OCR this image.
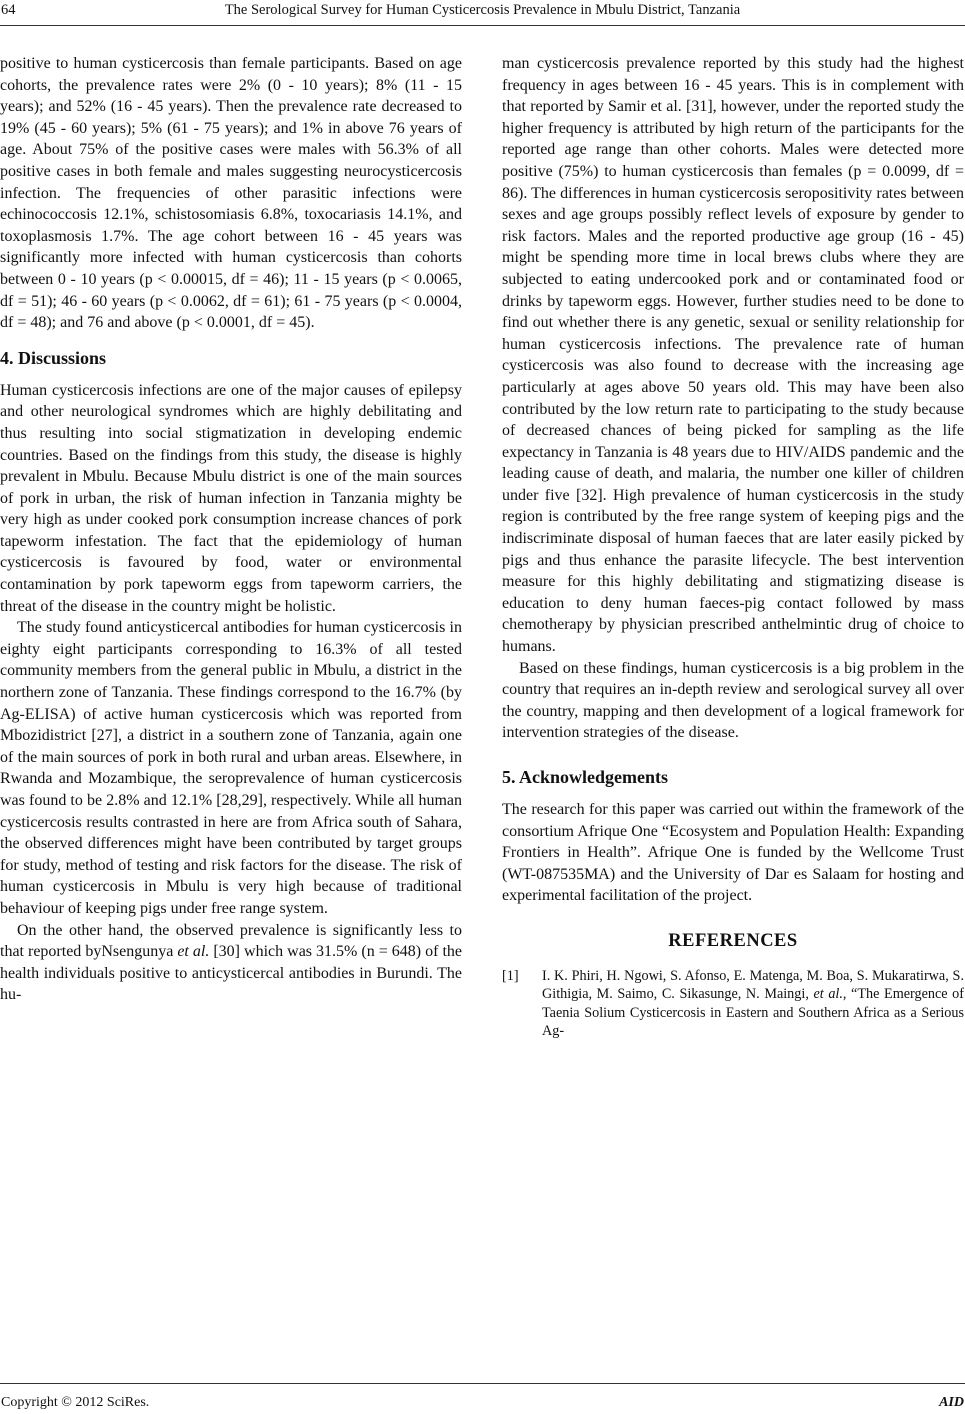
64	The Serological Survey for Human Cysticercosis Prevalence in Mbulu District, Tanzania

positive to human cysticercosis than female participants. Based on age cohorts, the prevalence rates were 2% (0 - 10 years); 8% (11 - 15 years); and 52% (16 - 45 years). Then the prevalence rate decreased to 19% (45 - 60 years); 5% (61 - 75 years); and 1% in above 76 years of age. About 75% of the positive cases were males with 56.3% of all positive cases in both female and males suggesting neurocysticercosis infection. The frequencies of other parasitic infections were echinococcosis 12.1%, schistosomiasis 6.8%, toxocariasis 14.1%, and toxoplasmosis 1.7%. The age cohort between 16 - 45 years was significantly more infected with human cysticercosis than cohorts between 0 - 10 years (p < 0.00015, df = 46); 11 - 15 years (p < 0.0065, df = 51); 46 - 60 years (p < 0.0062, df = 61); 61 - 75 years (p < 0.0004, df = 48); and 76 and above (p < 0.0001, df = 45).

4. Discussions

Human cysticercosis infections are one of the major causes of epilepsy and other neurological syndromes which are highly debilitating and thus resulting into social stigmatization in developing endemic countries. Based on the findings from this study, the disease is highly prevalent in Mbulu. Because Mbulu district is one of the main sources of pork in urban, the risk of human infection in Tanzania mighty be very high as under cooked pork consumption increase chances of pork tapeworm infestation. The fact that the epidemiology of human cysticercosis is favoured by food, water or environmental contamination by pork tapeworm eggs from tapeworm carriers, the threat of the disease in the country might be holistic.

The study found anticysticercal antibodies for human cysticercosis in eighty eight participants corresponding to 16.3% of all tested community members from the general public in Mbulu, a district in the northern zone of Tanzania. These findings correspond to the 16.7% (by Ag-ELISA) of active human cysticercosis which was reported from Mbozidistrict [27], a district in a southern zone of Tanzania, again one of the main sources of pork in both rural and urban areas. Elsewhere, in Rwanda and Mozambique, the seroprevalence of human cysticercosis was found to be 2.8% and 12.1% [28,29], respectively. While all human cysticercosis results contrasted in here are from Africa south of Sahara, the observed differences might have been contributed by target groups for study, method of testing and risk factors for the disease. The risk of human cysticercosis in Mbulu is very high because of traditional behaviour of keeping pigs under free range system.

On the other hand, the observed prevalence is significantly less to that reported byNsengunya et al. [30] which was 31.5% (n = 648) of the health individuals positive to anticysticercal antibodies in Burundi. The hu-

man cysticercosis prevalence reported by this study had the highest frequency in ages between 16 - 45 years. This is in complement with that reported by Samir et al. [31], however, under the reported study the higher frequency is attributed by high return of the participants for the reported age range than other cohorts. Males were detected more positive (75%) to human cysticercosis than females (p = 0.0099, df = 86). The differences in human cysticercosis seropositivity rates between sexes and age groups possibly reflect levels of exposure by gender to risk factors. Males and the reported productive age group (16 - 45) might be spending more time in local brews clubs where they are subjected to eating undercooked pork and or contaminated food or drinks by tapeworm eggs. However, further studies need to be done to find out whether there is any genetic, sexual or senility relationship for human cysticercosis infections. The prevalence rate of human cysticercosis was also found to decrease with the increasing age particularly at ages above 50 years old. This may have been also contributed by the low return rate to participating to the study because of decreased chances of being picked for sampling as the life expectancy in Tanzania is 48 years due to HIV/AIDS pandemic and the leading cause of death, and malaria, the number one killer of children under five [32]. High prevalence of human cysticercosis in the study region is contributed by the free range system of keeping pigs and the indiscriminate disposal of human faeces that are later easily picked by pigs and thus enhance the parasite lifecycle. The best intervention measure for this highly debilitating and stigmatizing disease is education to deny human faeces-pig contact followed by mass chemotherapy by physician prescribed anthelmintic drug of choice to humans.

Based on these findings, human cysticercosis is a big problem in the country that requires an in-depth review and serological survey all over the country, mapping and then development of a logical framework for intervention strategies of the disease.

5. Acknowledgements

The research for this paper was carried out within the framework of the consortium Afrique One “Ecosystem and Population Health: Expanding Frontiers in Health”. Afrique One is funded by the Wellcome Trust (WT-087535MA) and the University of Dar es Salaam for hosting and experimental facilitation of the project.

REFERENCES
[1]	I. K. Phiri, H. Ngowi, S. Afonso, E. Matenga, M. Boa, S. Mukaratirwa, S. Githigia, M. Saimo, C. Sikasunge, N. Maingi, et al., “The Emergence of Taenia Solium Cysticercosis in Eastern and Southern Africa as a Serious Ag-
Copyright © 2012 SciRes.	AID
